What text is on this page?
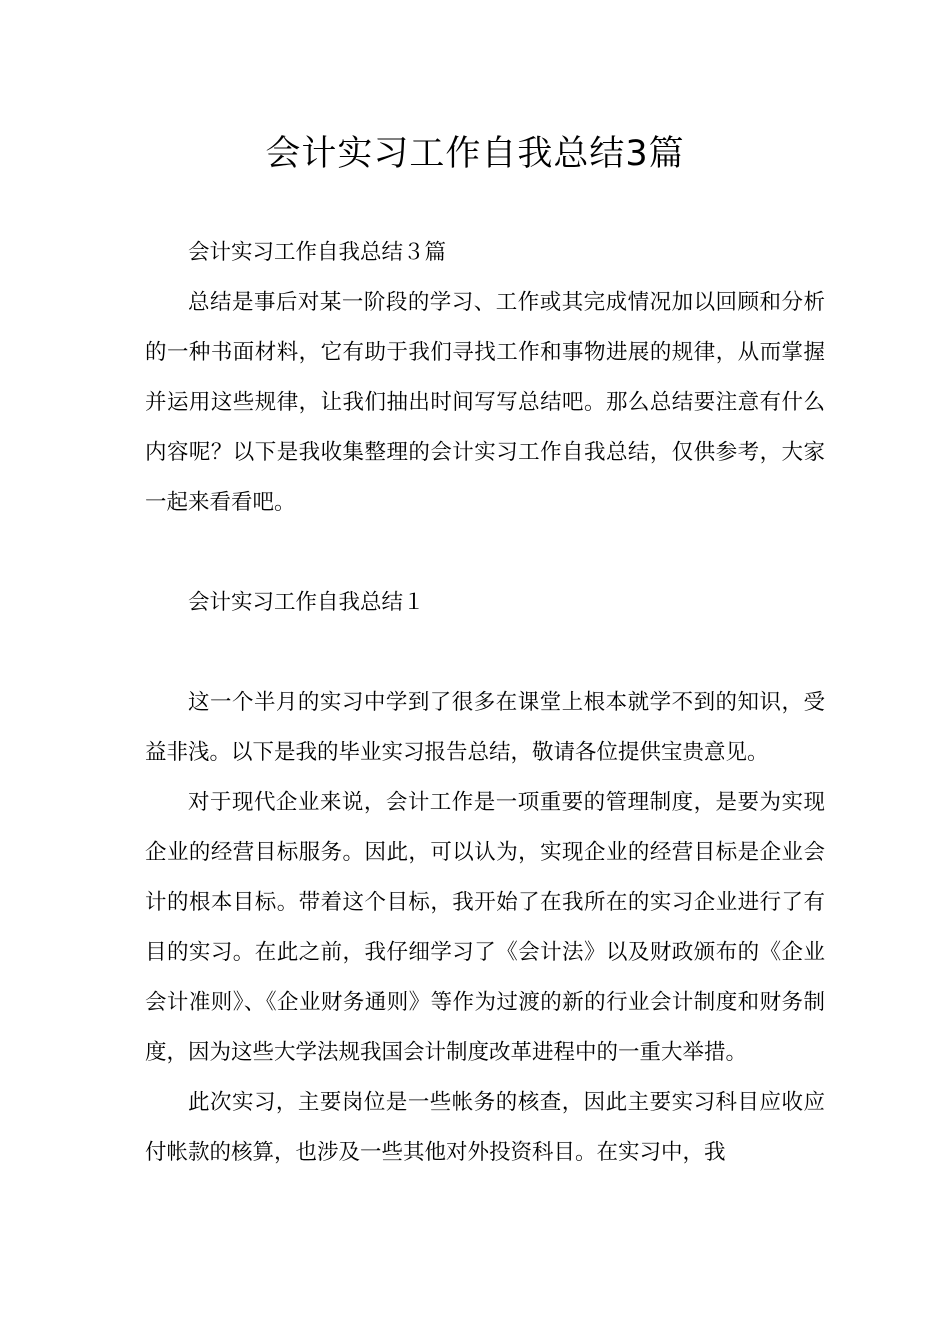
会计实习工作自我总结3篇

会计实习工作自我总结３篇

总结是事后对某一阶段的学习、工作或其完成情况加以回顾和分析的一种书面材料，它有助于我们寻找工作和事物进展的规律，从而掌握并运用这些规律，让我们抽出时间写写总结吧。那么总结要注意有什么内容呢？以下是我收集整理的会计实习工作自我总结，仅供参考，大家一起来看看吧。

会计实习工作自我总结１

这一个半月的实习中学到了很多在课堂上根本就学不到的知识，受益非浅。以下是我的毕业实习报告总结，敬请各位提供宝贵意见。

对于现代企业来说，会计工作是一项重要的管理制度，是要为实现企业的经营目标服务。因此，可以认为，实现企业的经营目标是企业会计的根本目标。带着这个目标，我开始了在我所在的实习企业进行了有目的实习。在此之前，我仔细学习了《会计法》以及财政颁布的《企业会计准则》、《企业财务通则》等作为过渡的新的行业会计制度和财务制度，因为这些大学法规我国会计制度改革进程中的一重大举措。

此次实习，主要岗位是一些帐务的核查，因此主要实习科目应收应付帐款的核算，也涉及一些其他对外投资科目。在实习中，我
